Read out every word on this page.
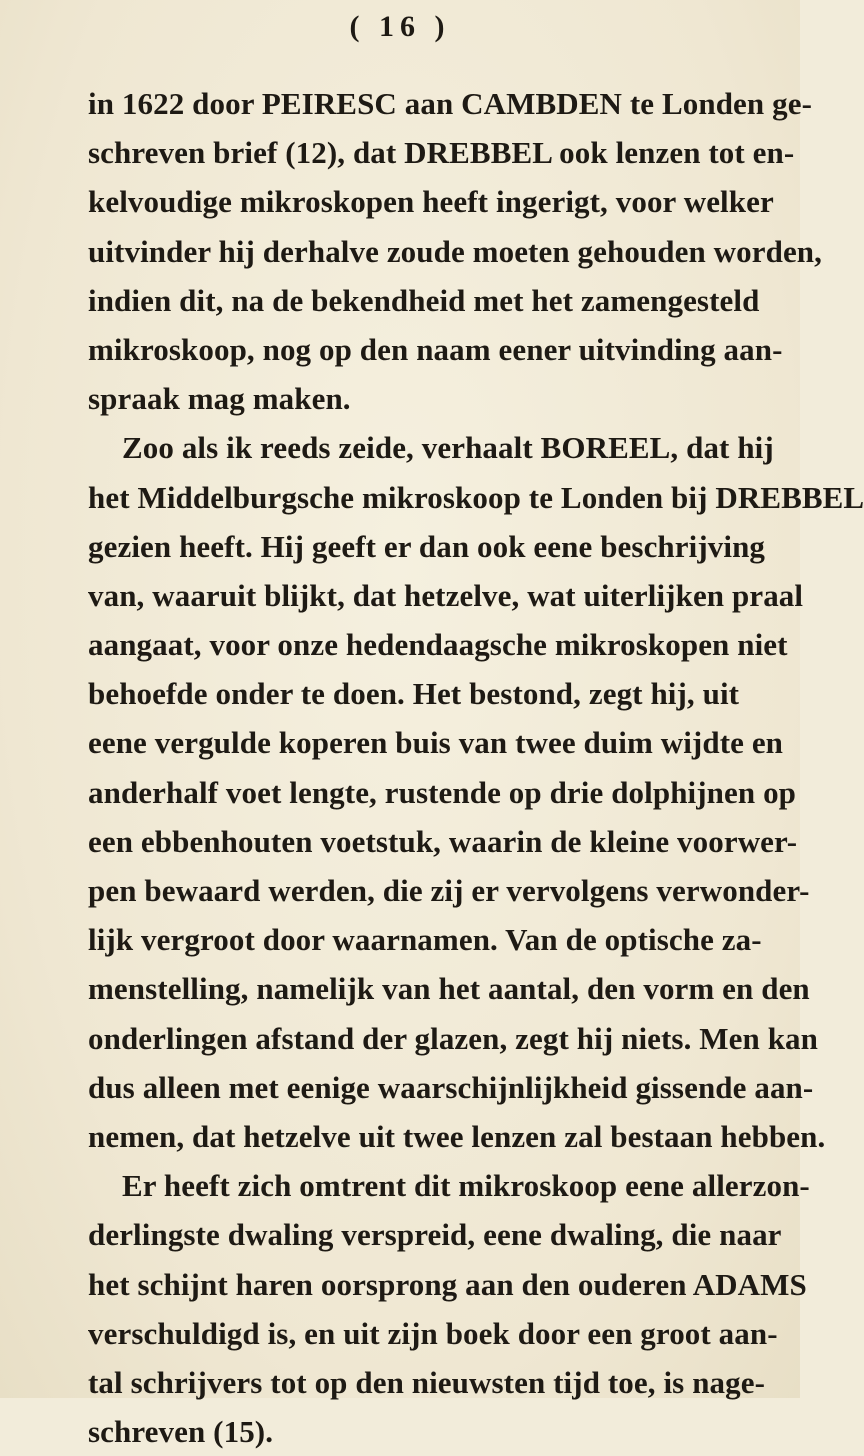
( 16 )
in 1622 door PEIRESC aan CAMBDEN te Londen ge-
schreven brief (12), dat DREBBEL ook lenzen tot en-
kelvoudige mikroskopen heeft ingerigt, voor welker
uitvinder hij derhalve zoude moeten gehouden worden,
indien dit, na de bekendheid met het zamengesteld
mikroskoop, nog op den naam eener uitvinding aan-
spraak mag maken.
Zoo als ik reeds zeide, verhaalt BOREEL, dat hij
het Middelburgsche mikroskoop te Londen bij DREBBEL
gezien heeft. Hij geeft er dan ook eene beschrijving
van, waaruit blijkt, dat hetzelve, wat uiterlijken praal
aangaat, voor onze hedendaagsche mikroskopen niet
behoefde onder te doen. Het bestond, zegt hij, uit
eene vergulde koperen buis van twee duim wijdte en
anderhalf voet lengte, rustende op drie dolphijnen op
een ebbenhouten voetstuk, waarin de kleine voorwer-
pen bewaard werden, die zij er vervolgens verwonder-
lijk vergroot door waarnamen. Van de optische za-
menstelling, namelijk van het aantal, den vorm en den
onderlingen afstand der glazen, zegt hij niets. Men kan
dus alleen met eenige waarschijnlijkheid gissende aan-
nemen, dat hetzelve uit twee lenzen zal bestaan hebben.
Er heeft zich omtrent dit mikroskoop eene allerzon-
derlingste dwaling verspreid, eene dwaling, die naar
het schijnt haren oorsprong aan den ouderen ADAMS
verschuldigd is, en uit zijn boek door een groot aan-
tal schrijvers tot op den nieuwsten tijd toe, is nage-
schreven (15).
